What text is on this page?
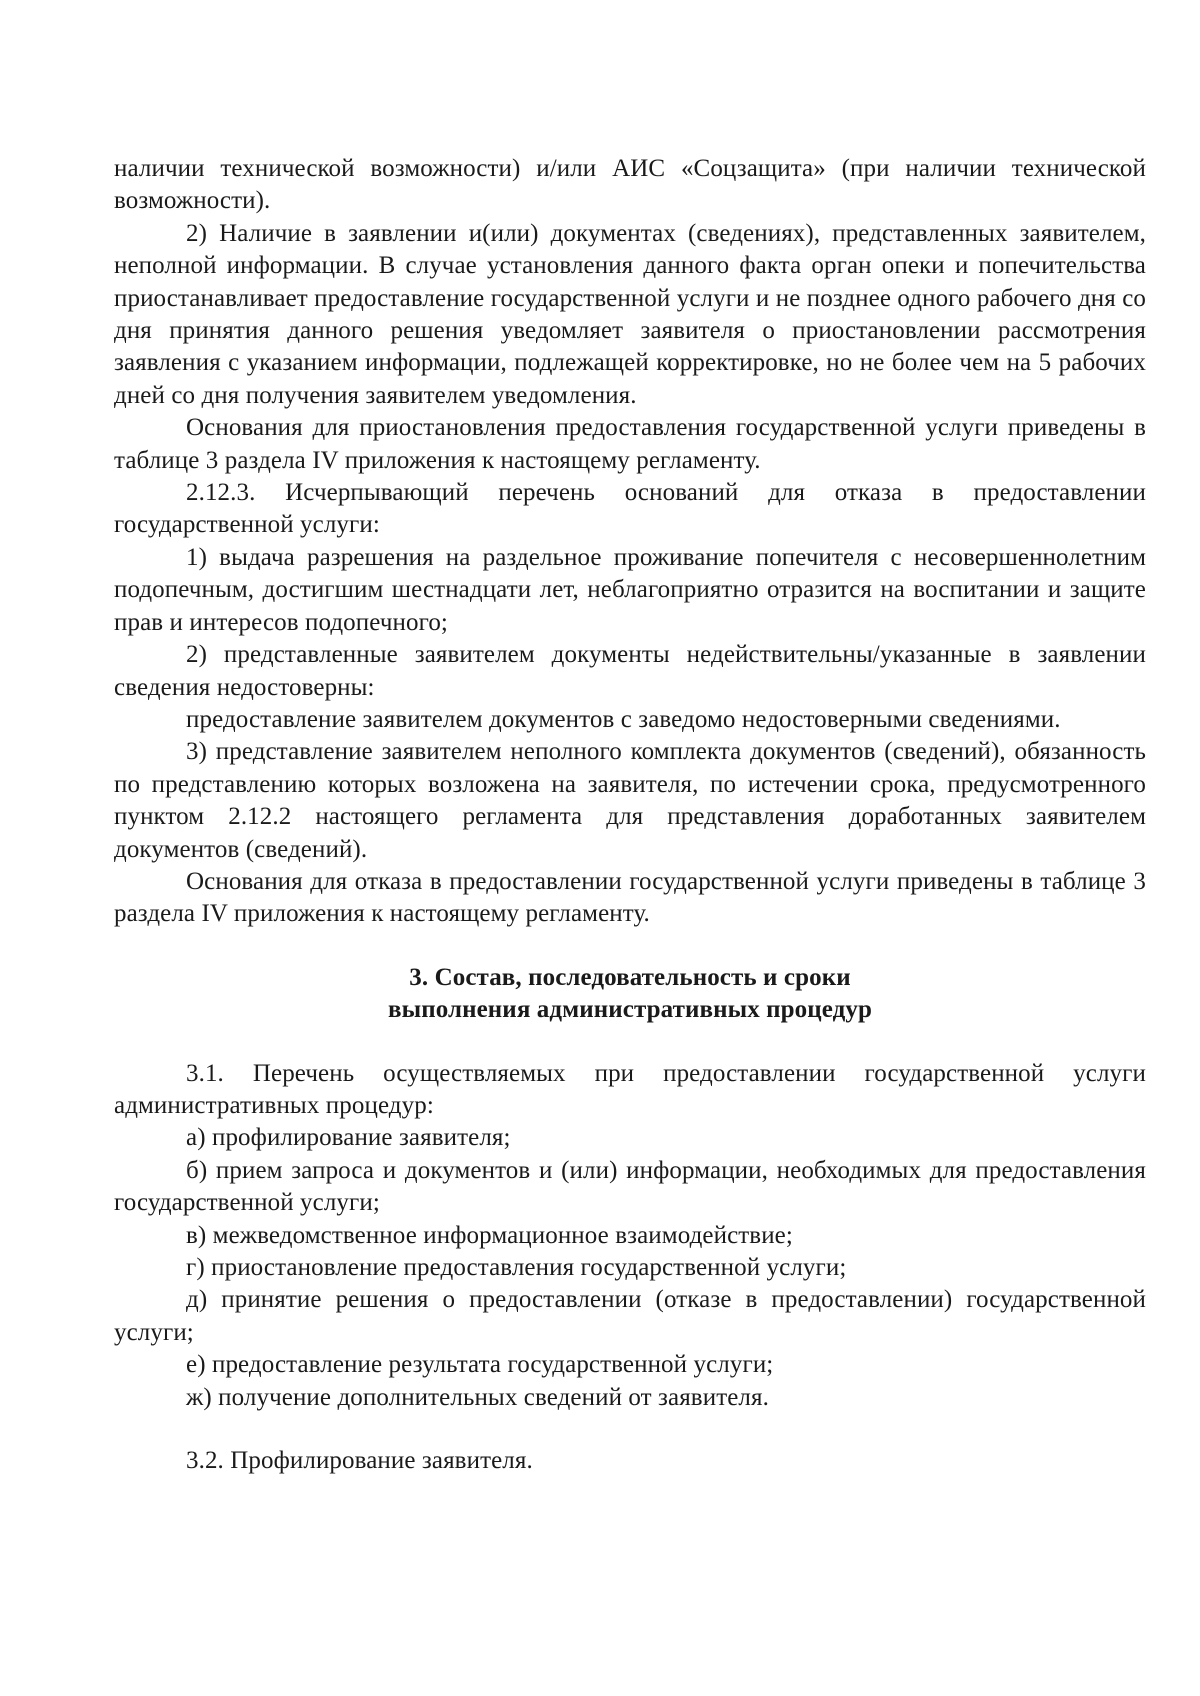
наличии технической возможности) и/или АИС «Соцзащита» (при наличии технической возможности).

2) Наличие в заявлении и(или) документах (сведениях), представленных заявителем, неполной информации. В случае установления данного факта орган опеки и попечительства приостанавливает предоставление государственной услуги и не позднее одного рабочего дня со дня принятия данного решения уведомляет заявителя о приостановлении рассмотрения заявления с указанием информации, подлежащей корректировке, но не более чем на 5 рабочих дней со дня получения заявителем уведомления.

Основания для приостановления предоставления государственной услуги приведены в таблице 3 раздела IV приложения к настоящему регламенту.

2.12.3. Исчерпывающий перечень оснований для отказа в предоставлении государственной услуги:

1) выдача разрешения на раздельное проживание попечителя с несовершеннолетним подопечным, достигшим шестнадцати лет, неблагоприятно отразится на воспитании и защите прав и интересов подопечного;

2) представленные заявителем документы недействительны/указанные в заявлении сведения недостоверны:

предоставление заявителем документов с заведомо недостоверными сведениями.

3) представление заявителем неполного комплекта документов (сведений), обязанность по представлению которых возложена на заявителя, по истечении срока, предусмотренного пунктом 2.12.2 настоящего регламента для представления доработанных заявителем документов (сведений).

Основания для отказа в предоставлении государственной услуги приведены в таблице 3 раздела IV приложения к настоящему регламенту.

3. Состав, последовательность и сроки

выполнения административных процедур

3.1. Перечень осуществляемых при предоставлении государственной услуги административных процедур:

а) профилирование заявителя;

б) прием запроса и документов и (или) информации, необходимых для предоставления государственной услуги;

в) межведомственное информационное взаимодействие;

г) приостановление предоставления государственной услуги;

д) принятие решения о предоставлении (отказе в предоставлении) государственной услуги;

е) предоставление результата государственной услуги;

ж) получение дополнительных сведений от заявителя.

3.2. Профилирование заявителя.
